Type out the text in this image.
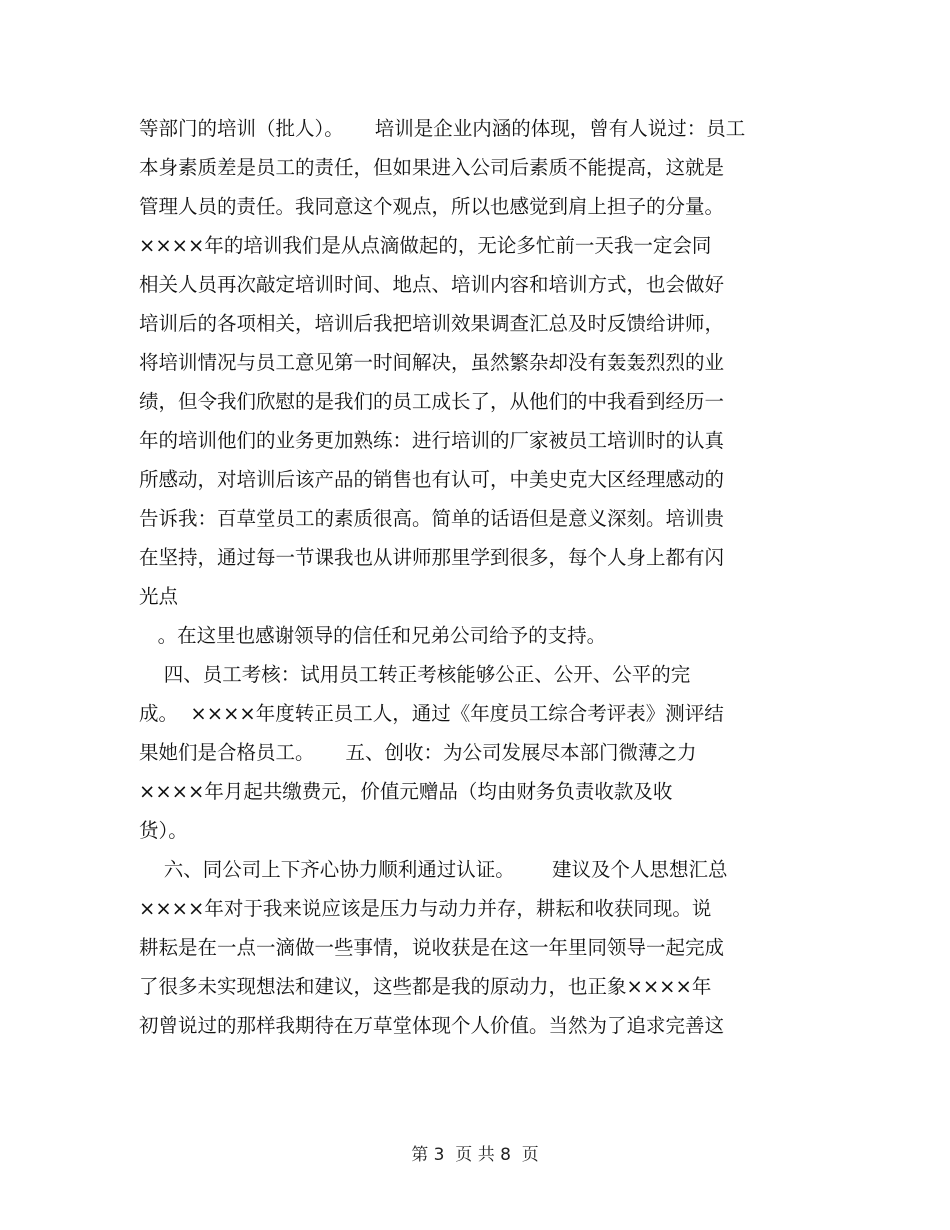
等部门的培训（批人）。     培训是企业内涵的体现，曾有人说过：员工
本身素质差是员工的责任，但如果进入公司后素质不能提高，这就是
管理人员的责任。我同意这个观点，所以也感觉到肩上担子的分量。
××××年的培训我们是从点滴做起的，无论多忙前一天我一定会同
相关人员再次敲定培训时间、地点、培训内容和培训方式，也会做好
培训后的各项相关，培训后我把培训效果调查汇总及时反馈给讲师，
将培训情况与员工意见第一时间解决，虽然繁杂却没有轰轰烈烈的业
绩，但令我们欣慰的是我们的员工成长了，从他们的中我看到经历一
年的培训他们的业务更加熟练：进行培训的厂家被员工培训时的认真
所感动，对培训后该产品的销售也有认可，中美史克大区经理感动的
告诉我：百草堂员工的素质很高。简单的话语但是意义深刻。培训贵
在坚持，通过每一节课我也从讲师那里学到很多，每个人身上都有闪
光点
。在这里也感谢领导的信任和兄弟公司给予的支持。
四、员工考核：试用员工转正考核能够公正、公开、公平的完
成。  ××××年度转正员工人，通过《年度员工综合考评表》测评结
果她们是合格员工。     五、创收：为公司发展尽本部门微薄之力
××××年月起共缴费元，价值元赠品（均由财务负责收款及收
货）。
六、同公司上下齐心协力顺利通过认证。      建议及个人思想汇总
××××年对于我来说应该是压力与动力并存，耕耘和收获同现。说
耕耘是在一点一滴做一些事情，说收获是在这一年里同领导一起完成
了很多未实现想法和建议，这些都是我的原动力，也正象××××年
初曾说过的那样我期待在万草堂体现个人价值。当然为了追求完善这
第 3  页 共 8  页
